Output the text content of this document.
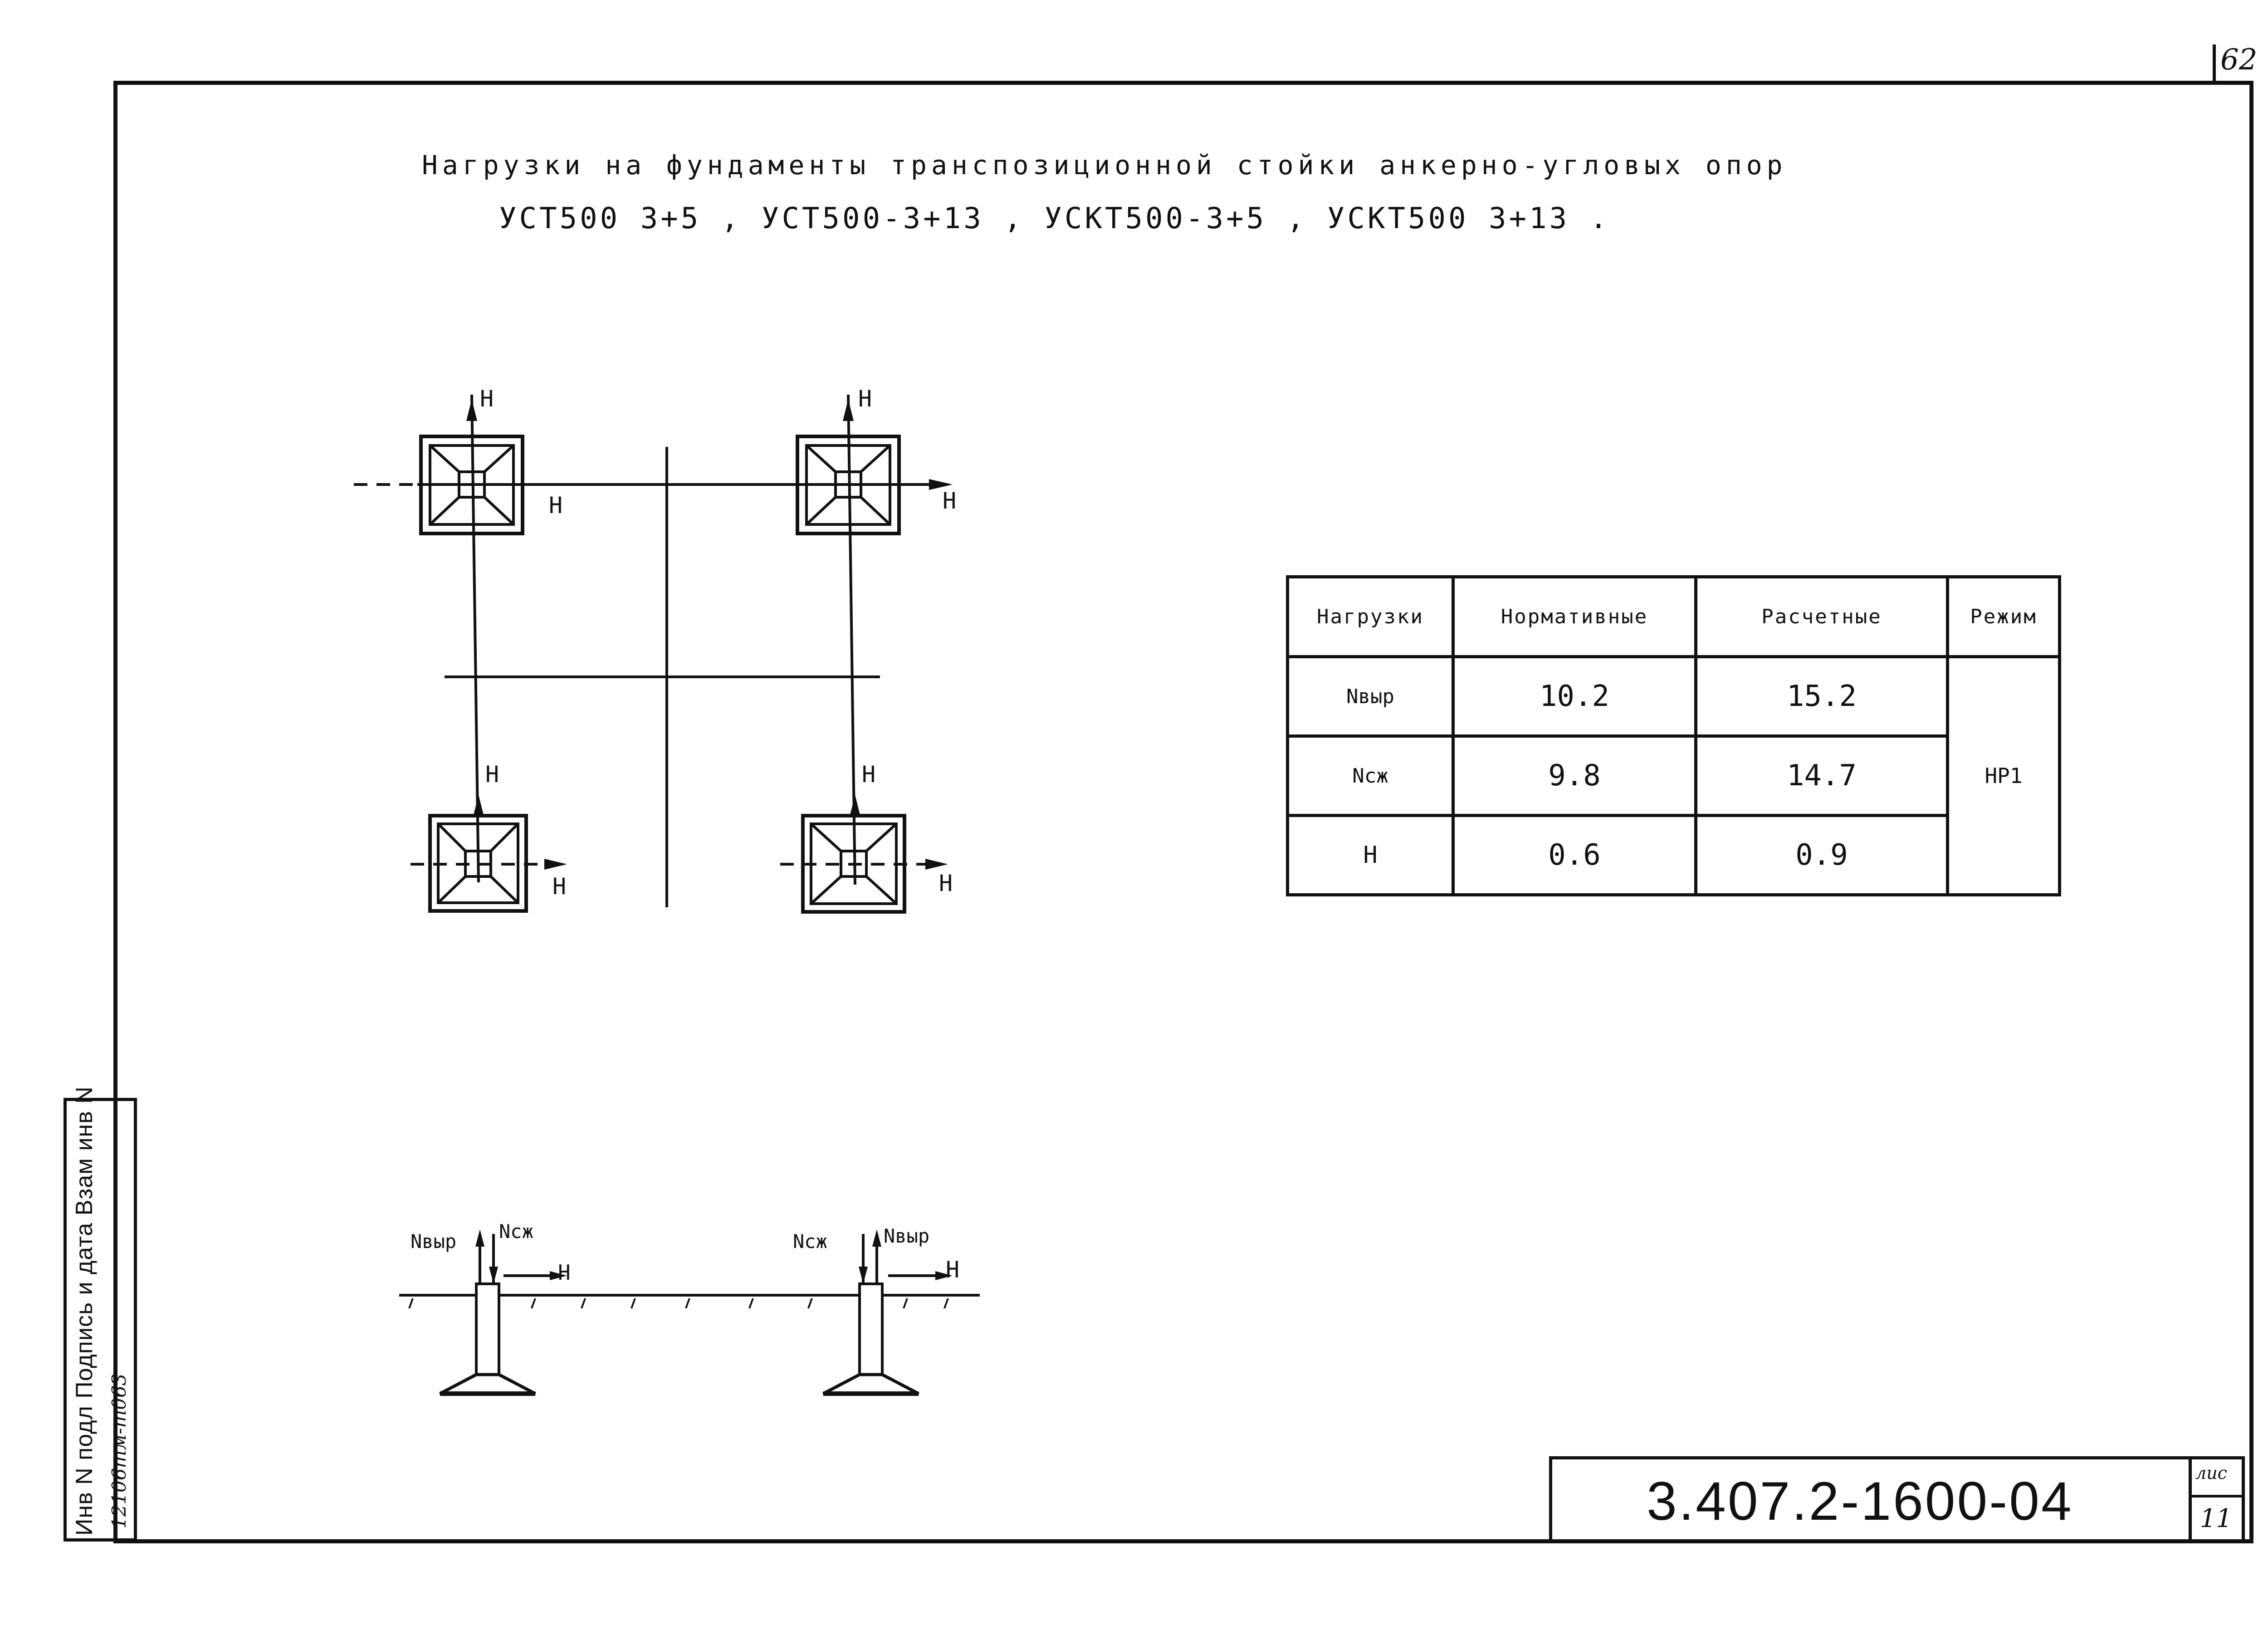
62
Нагрузки на фундаменты транспозиционной стойки анкерно-угловых опор
УСТ500 3+5 , УСТ500-3+13 , УСКТ500-3+5 , УСКТ500 3+13 .
Н	Н
Н	Н
Н	Н
Н	Н
Nвыр Nсж
Н
Nсж	Nвыр
Н
Нагрузки	Нормативные	Расчетные	Режим
Nвыр	10.2	15.2	НР1
Nсж	9.8	14.7	
Н	0.6	0.9	
Инв N подл Подпись и дата Взам инв N 12106тм-т063	3.407.2-1600-04	лис
11
